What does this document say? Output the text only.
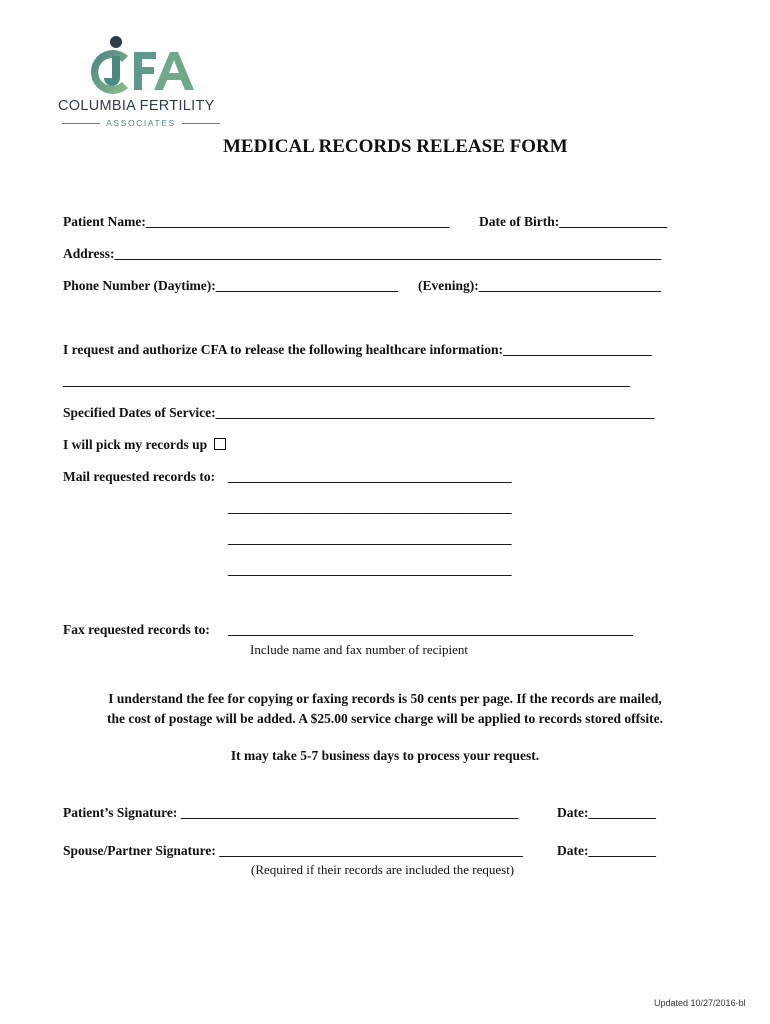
COLUMBIA FERTILITY
ASSOCIATES
MEDICAL RECORDS RELEASE FORM
Patient Name:_____________________________________________ Date of Birth:________________
Address:_________________________________________________________________________________
Phone Number (Daytime):___________________________ (Evening):___________________________
I request and authorize CFA to release the following healthcare information:______________________
____________________________________________________________________________________
Specified Dates of Service:_________________________________________________________________
I will pick my records up
Mail requested records to: __________________________________________
__________________________________________
__________________________________________
__________________________________________
Fax requested records to: ____________________________________________________________
Include name and fax number of recipient
I understand the fee for copying or faxing records is 50 cents per page. If the records are mailed,
the cost of postage will be added. A $25.00 service charge will be applied to records stored offsite.
It may take 5-7 business days to process your request.
Patient’s Signature: __________________________________________________	Date:__________
Spouse/Partner Signature: _____________________________________________	Date:__________
(Required if their records are included the request)
Updated 10/27/2016-bl
